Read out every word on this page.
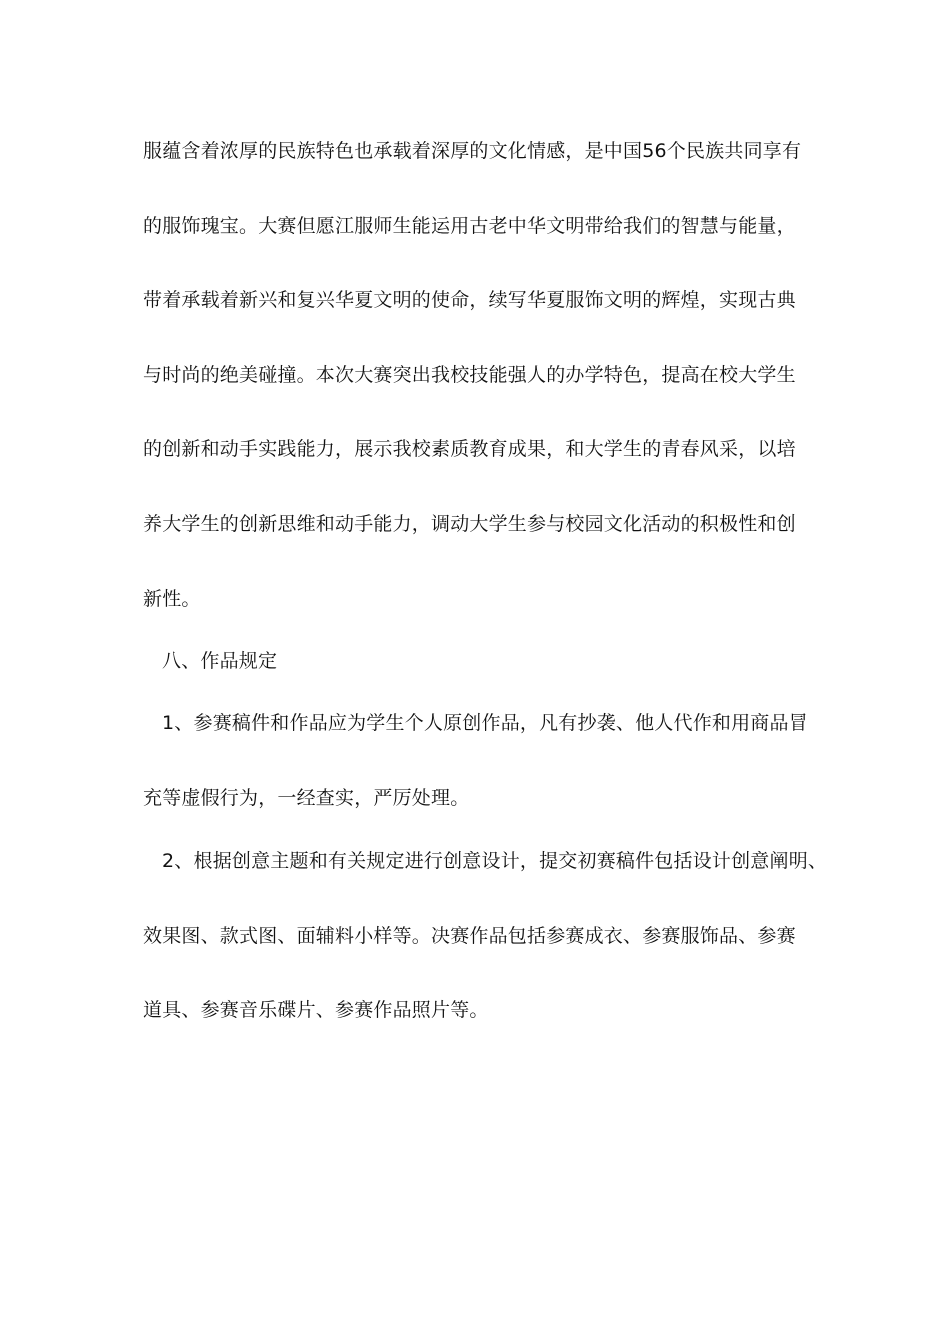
服蕴含着浓厚的民族特色也承载着深厚的文化情感，是中国56个民族共同享有
的服饰瑰宝。大赛但愿江服师生能运用古老中华文明带给我们的智慧与能量，
带着承载着新兴和复兴华夏文明的使命，续写华夏服饰文明的辉煌，实现古典
与时尚的绝美碰撞。本次大赛突出我校技能强人的办学特色，提高在校大学生
的创新和动手实践能力，展示我校素质教育成果，和大学生的青春风采，以培
养大学生的创新思维和动手能力，调动大学生参与校园文化活动的积极性和创
新性。
八、作品规定
1、参赛稿件和作品应为学生个人原创作品，凡有抄袭、他人代作和用商品冒
充等虚假行为，一经查实，严厉处理。
2、根据创意主题和有关规定进行创意设计，提交初赛稿件包括设计创意阐明、
效果图、款式图、面辅料小样等。决赛作品包括参赛成衣、参赛服饰品、参赛
道具、参赛音乐碟片、参赛作品照片等。
